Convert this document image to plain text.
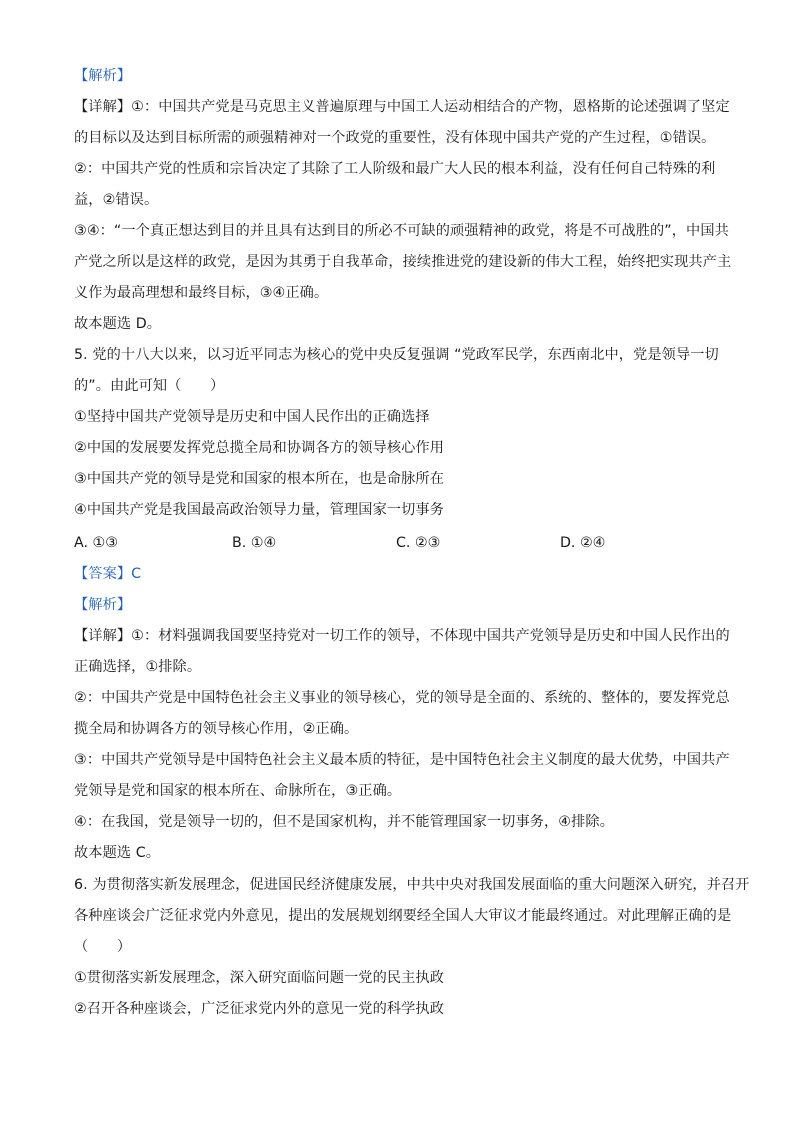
【解析】
【详解】①：中国共产党是马克思主义普遍原理与中国工人运动相结合的产物，恩格斯的论述强调了坚定
的目标以及达到目标所需的顽强精神对一个政党的重要性，没有体现中国共产党的产生过程，①错误。
②：中国共产党的性质和宗旨决定了其除了工人阶级和最广大人民的根本利益，没有任何自己特殊的利
益，②错误。
③④：“一个真正想达到目的并且具有达到目的所必不可缺的顽强精神的政党，将是不可战胜的”，中国共
产党之所以是这样的政党，是因为其勇于自我革命，接续推进党的建设新的伟大工程，始终把实现共产主
义作为最高理想和最终目标，③④正确。
故本题选 D。
5. 党的十八大以来，以习近平同志为核心的党中央反复强调 “党政军民学，东西南北中，党是领导一切
的”。由此可知（　　）
①坚持中国共产党领导是历史和中国人民作出的正确选择
②中国的发展要发挥党总揽全局和协调各方的领导核心作用
③中国共产党的领导是党和国家的根本所在，也是命脉所在
④中国共产党是我国最高政治领导力量，管理国家一切事务
A. ①③	B. ①④	C. ②③	D. ②④
【答案】C
【解析】
【详解】①：材料强调我国要坚持党对一切工作的领导，不体现中国共产党领导是历史和中国人民作出的
正确选择，①排除。
②：中国共产党是中国特色社会主义事业的领导核心，党的领导是全面的、系统的、整体的，要发挥党总
揽全局和协调各方的领导核心作用，②正确。
③：中国共产党领导是中国特色社会主义最本质的特征，是中国特色社会主义制度的最大优势，中国共产
党领导是党和国家的根本所在、命脉所在，③正确。
④：在我国，党是领导一切的，但不是国家机构，并不能管理国家一切事务，④排除。
故本题选 C。
6. 为贯彻落实新发展理念，促进国民经济健康发展，中共中央对我国发展面临的重大问题深入研究，并召开
各种座谈会广泛征求党内外意见，提出的发展规划纲要经全国人大审议才能最终通过。对此理解正确的是
（　　）
①贯彻落实新发展理念，深入研究面临问题一党的民主执政
②召开各种座谈会，广泛征求党内外的意见一党的科学执政
